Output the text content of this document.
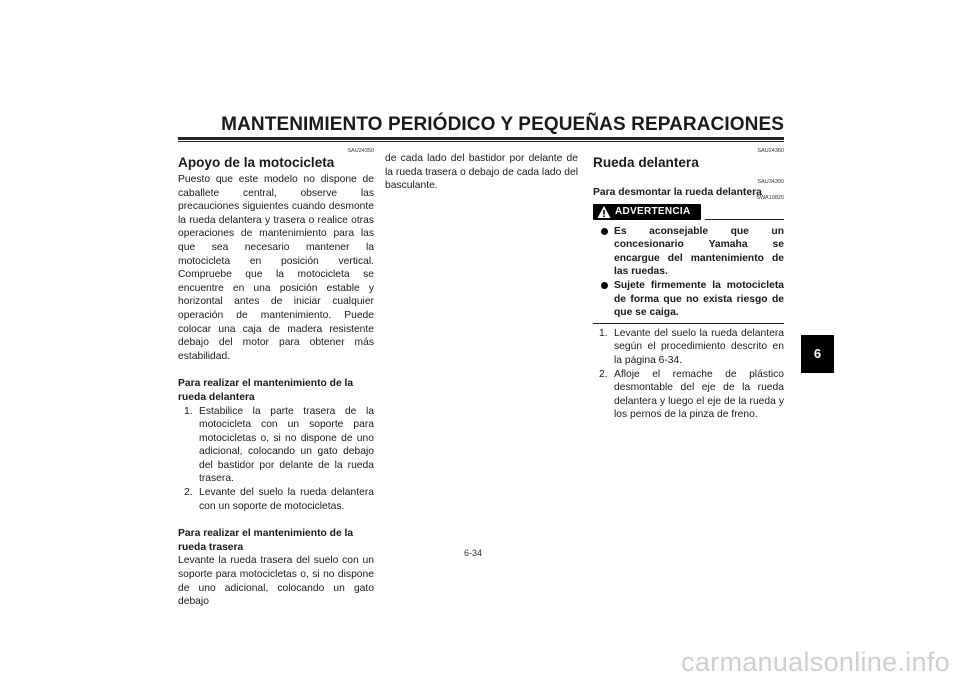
MANTENIMIENTO PERIÓDICO Y PEQUEÑAS REPARACIONES
SAU24350
Apoyo de la motocicleta

Puesto que este modelo no dispone de caballete central, observe las precauciones siguientes cuando desmonte la rueda delantera y trasera o realice otras operaciones de mantenimiento para las que sea necesario mantener la motocicleta en posición vertical. Compruebe que la motocicleta se encuentre en una posición estable y horizontal antes de iniciar cualquier operación de mantenimiento. Puede colocar una caja de madera resistente debajo del motor para obtener más estabilidad.

Para realizar el mantenimiento de la rueda delantera
1. Estabilice la parte trasera de la motocicleta con un soporte para motocicletas o, si no dispone de uno adicional, colocando un gato debajo del bastidor por delante de la rueda trasera.
2. Levante del suelo la rueda delantera con un soporte de motocicletas.
Para realizar el mantenimiento de la rueda trasera

Levante la rueda trasera del suelo con un soporte para motocicletas o, si no dispone de uno adicional, colocando un gato debajo

de cada lado del bastidor por delante de la rueda trasera o debajo de cada lado del basculante.

SAU24360
Rueda delantera
SAU34390
Para desmontar la rueda delantera
SWA10820
ADVERTENCIA
Es aconsejable que un concesionario Yamaha se encargue del mantenimiento de las ruedas.
Sujete firmemente la motocicleta de forma que no exista riesgo de que se caiga.
1. Levante del suelo la rueda delantera según el procedimiento descrito en la página 6-34.
2. Afloje el remache de plástico desmontable del eje de la rueda delantera y luego el eje de la rueda y los pernos de la pinza de freno.
6
6-34
carmanualsonline.info
